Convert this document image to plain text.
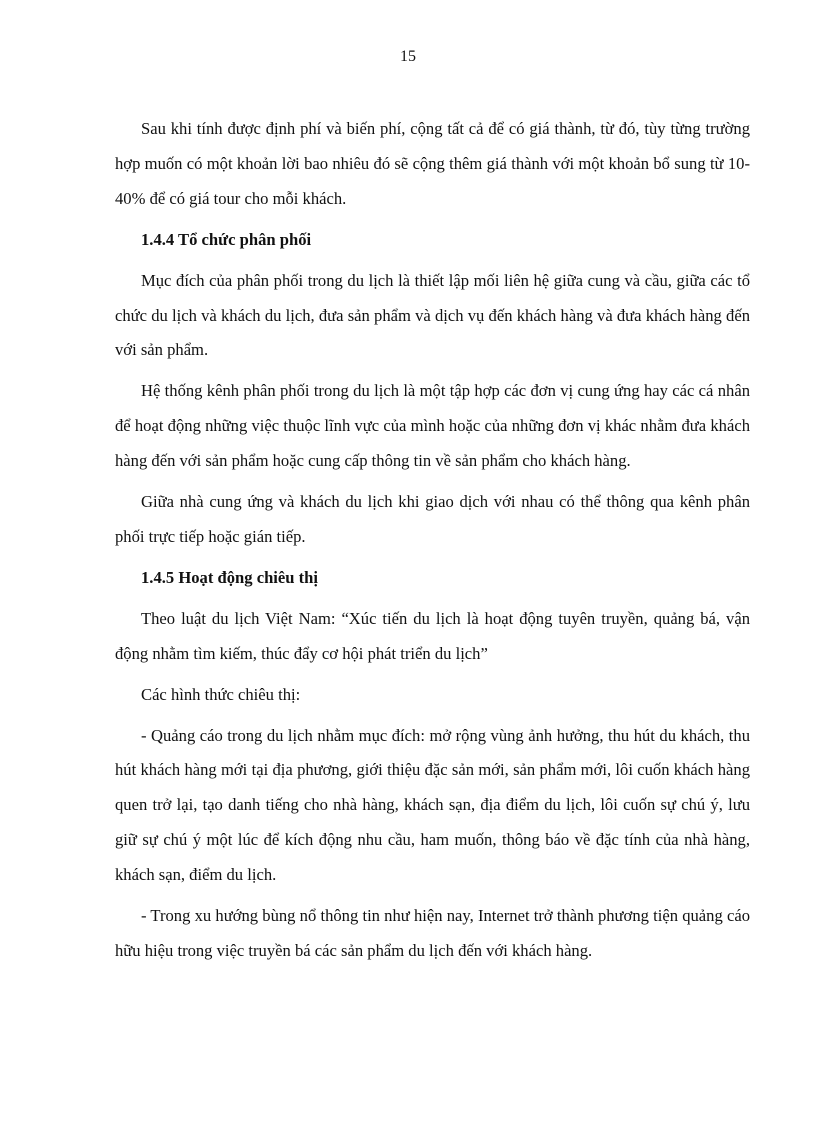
15

Sau khi tính được định phí và biến phí, cộng tất cả để có giá thành, từ đó, tùy từng trường hợp muốn có một khoản lời bao nhiêu đó sẽ cộng thêm giá thành với một khoản bổ sung từ 10-40% để có giá tour cho mỗi khách.

1.4.4 Tổ chức phân phối

Mục đích của phân phối trong du lịch là thiết lập mối liên hệ giữa cung và cầu, giữa các tổ chức du lịch và khách du lịch, đưa sản phẩm và dịch vụ đến khách hàng và đưa khách hàng đến với sản phẩm.

Hệ thống kênh phân phối trong du lịch là một tập hợp các đơn vị cung ứng hay các cá nhân để hoạt động những việc thuộc lĩnh vực của mình hoặc của những đơn vị khác nhằm đưa khách hàng đến với sản phẩm hoặc cung cấp thông tin về sản phẩm cho khách hàng.

Giữa nhà cung ứng và khách du lịch khi giao dịch với nhau có thể thông qua kênh phân phối trực tiếp hoặc gián tiếp.

1.4.5 Hoạt động chiêu thị

Theo luật du lịch Việt Nam: “Xúc tiến du lịch là hoạt động tuyên truyền, quảng bá, vận động nhằm tìm kiếm, thúc đẩy cơ hội phát triển du lịch”

Các hình thức chiêu thị:

- Quảng cáo trong du lịch nhằm mục đích: mở rộng vùng ảnh hưởng, thu hút du khách, thu hút khách hàng mới tại địa phương, giới thiệu đặc sản mới, sản phẩm mới, lôi cuốn khách hàng quen trở lại, tạo danh tiếng cho nhà hàng, khách sạn, địa điểm du lịch, lôi cuốn sự chú ý, lưu giữ sự chú ý một lúc để kích động nhu cầu, ham muốn, thông báo về đặc tính của nhà hàng, khách sạn, điểm du lịch.

- Trong xu hướng bùng nổ thông tin như hiện nay, Internet trở thành phương tiện quảng cáo hữu hiệu trong việc truyền bá các sản phẩm du lịch đến với khách hàng.
